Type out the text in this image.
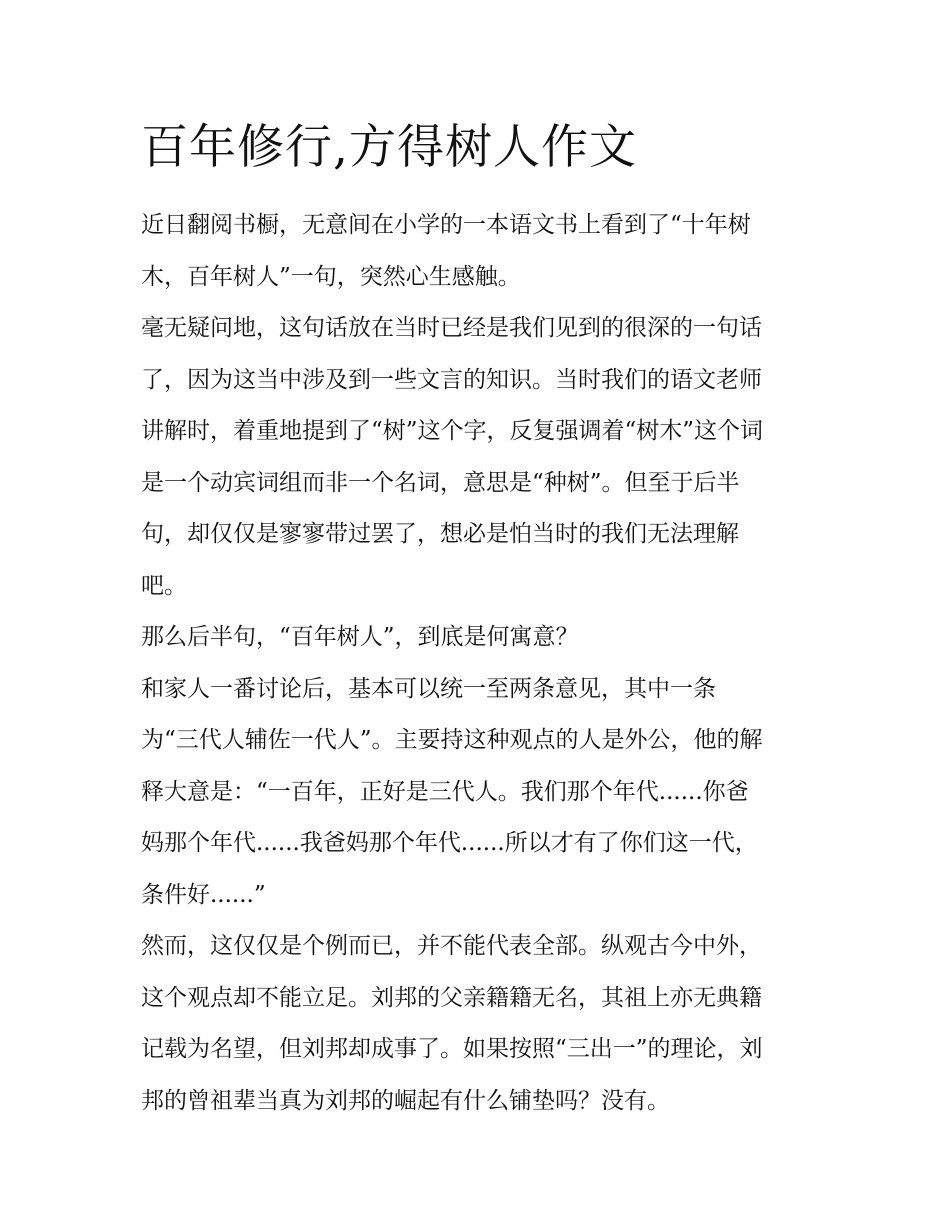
百年修行,方得树人作文
近日翻阅书橱，无意间在小学的一本语文书上看到了“十年树
木，百年树人”一句，突然心生感触。
毫无疑问地，这句话放在当时已经是我们见到的很深的一句话
了，因为这当中涉及到一些文言的知识。当时我们的语文老师
讲解时，着重地提到了“树”这个字，反复强调着“树木”这个词
是一个动宾词组而非一个名词，意思是“种树”。但至于后半
句，却仅仅是寥寥带过罢了，想必是怕当时的我们无法理解
吧。
那么后半句，“百年树人”，到底是何寓意？
和家人一番讨论后，基本可以统一至两条意见，其中一条
为“三代人辅佐一代人”。主要持这种观点的人是外公，他的解
释大意是：“一百年，正好是三代人。我们那个年代......你爸
妈那个年代......我爸妈那个年代......所以才有了你们这一代，
条件好......”
然而，这仅仅是个例而已，并不能代表全部。纵观古今中外，
这个观点却不能立足。刘邦的父亲籍籍无名，其祖上亦无典籍
记载为名望，但刘邦却成事了。如果按照“三出一”的理论，刘
邦的曾祖辈当真为刘邦的崛起有什么铺垫吗？没有。
